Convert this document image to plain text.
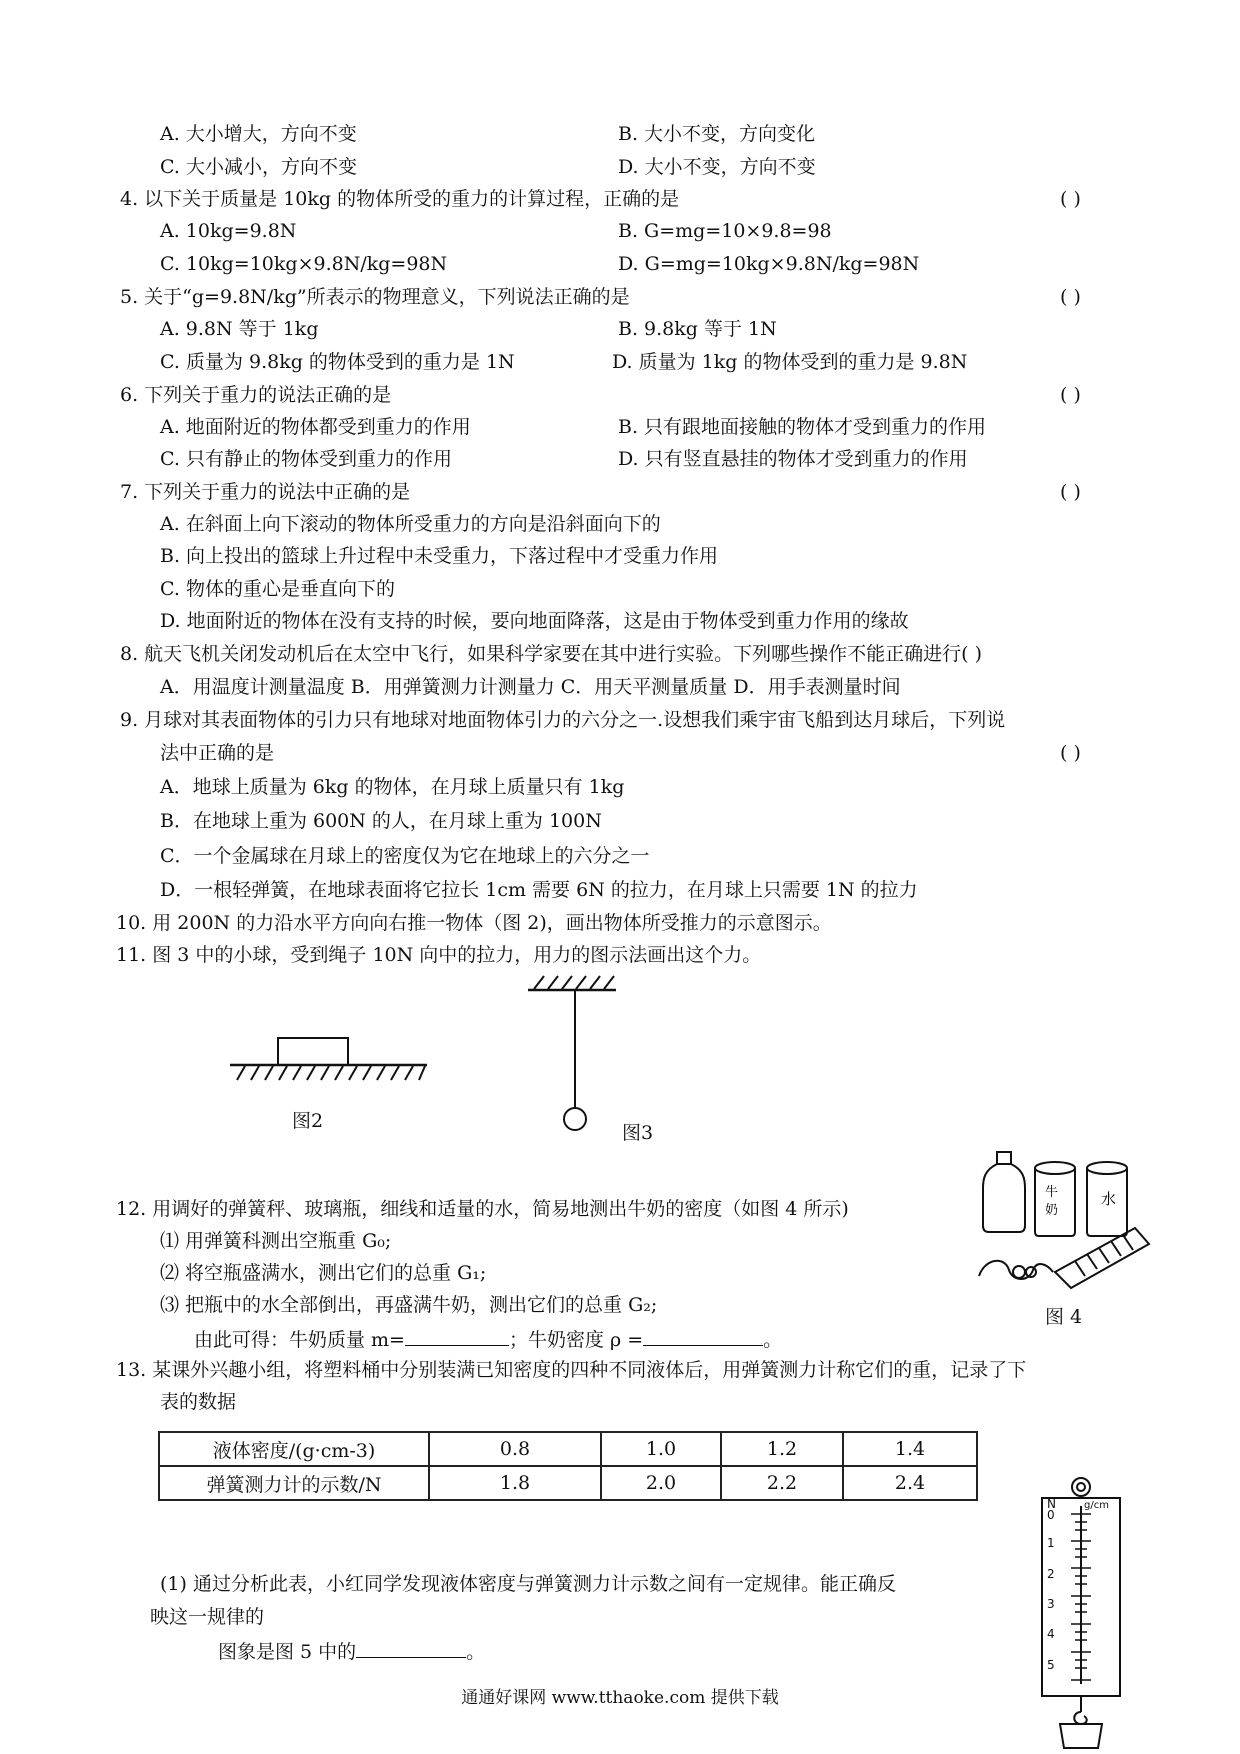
A. 大小增大，方向不变	B. 大小不变，方向变化
C. 大小减小，方向不变	D. 大小不变，方向不变
4. 以下关于质量是 10kg 的物体所受的重力的计算过程，正确的是	( )
A. 10kg=9.8N	B. G=mg=10×9.8=98
C. 10kg=10kg×9.8N/kg=98N	D. G=mg=10kg×9.8N/kg=98N
5. 关于“g=9.8N/kg”所表示的物理意义，下列说法正确的是	( )
A. 9.8N 等于 1kg	B. 9.8kg 等于 1N
C. 质量为 9.8kg 的物体受到的重力是 1N	D. 质量为 1kg 的物体受到的重力是 9.8N
6. 下列关于重力的说法正确的是	( )
A. 地面附近的物体都受到重力的作用	B. 只有跟地面接触的物体才受到重力的作用
C. 只有静止的物体受到重力的作用	D. 只有竖直悬挂的物体才受到重力的作用
7. 下列关于重力的说法中正确的是	( )
A. 在斜面上向下滚动的物体所受重力的方向是沿斜面向下的
B. 向上投出的篮球上升过程中未受重力，下落过程中才受重力作用
C. 物体的重心是垂直向下的
D. 地面附近的物体在没有支持的时候，要向地面降落，这是由于物体受到重力作用的缘故
8. 航天飞机关闭发动机后在太空中飞行，如果科学家要在其中进行实验。下列哪些操作不能正确进行( )
A．用温度计测量温度 B．用弹簧测力计测量力 C．用天平测量质量 D．用手表测量时间
9. 月球对其表面物体的引力只有地球对地面物体引力的六分之一.设想我们乘宇宙飞船到达月球后，下列说
法中正确的是	( )
A．地球上质量为 6kg 的物体，在月球上质量只有 1kg
B．在地球上重为 600N 的人，在月球上重为 100N
C．一个金属球在月球上的密度仅为它在地球上的六分之一
D．一根轻弹簧，在地球表面将它拉长 1cm 需要 6N 的拉力，在月球上只需要 1N 的拉力
10. 用 200N 的力沿水平方向向右推一物体（图 2)，画出物体所受推力的示意图示。
11. 图 3 中的小球，受到绳子 10N 向中的拉力，用力的图示法画出这个力。
图2
图3
牛
奶
水
图 4
12. 用调好的弹簧秤、玻璃瓶，细线和适量的水，简易地测出牛奶的密度（如图 4 所示)
⑴ 用弹簧科测出空瓶重 G₀;
⑵ 将空瓶盛满水，测出它们的总重 G₁;
⑶ 把瓶中的水全部倒出，再盛满牛奶，测出它们的总重 G₂;
由此可得：牛奶质量 m=	；牛奶密度 ρ =	。
13. 某课外兴趣小组，将塑料桶中分别装满已知密度的四种不同液体后，用弹簧测力计称它们的重，记录了下
表的数据
液体密度/(g·cm-3)	0.8	1.0	1.2	1.4
弹簧测力计的示数/N	1.8	2.0	2.2	2.4
(1) 通过分析此表，小红同学发现液体密度与弹簧测力计示数之间有一定规律。能正确反
映这一规律的
图象是图 5 中的	。
N	g/cm
0
1
2
3
4
5
通通好课网 www.tthaoke.com 提供下载
